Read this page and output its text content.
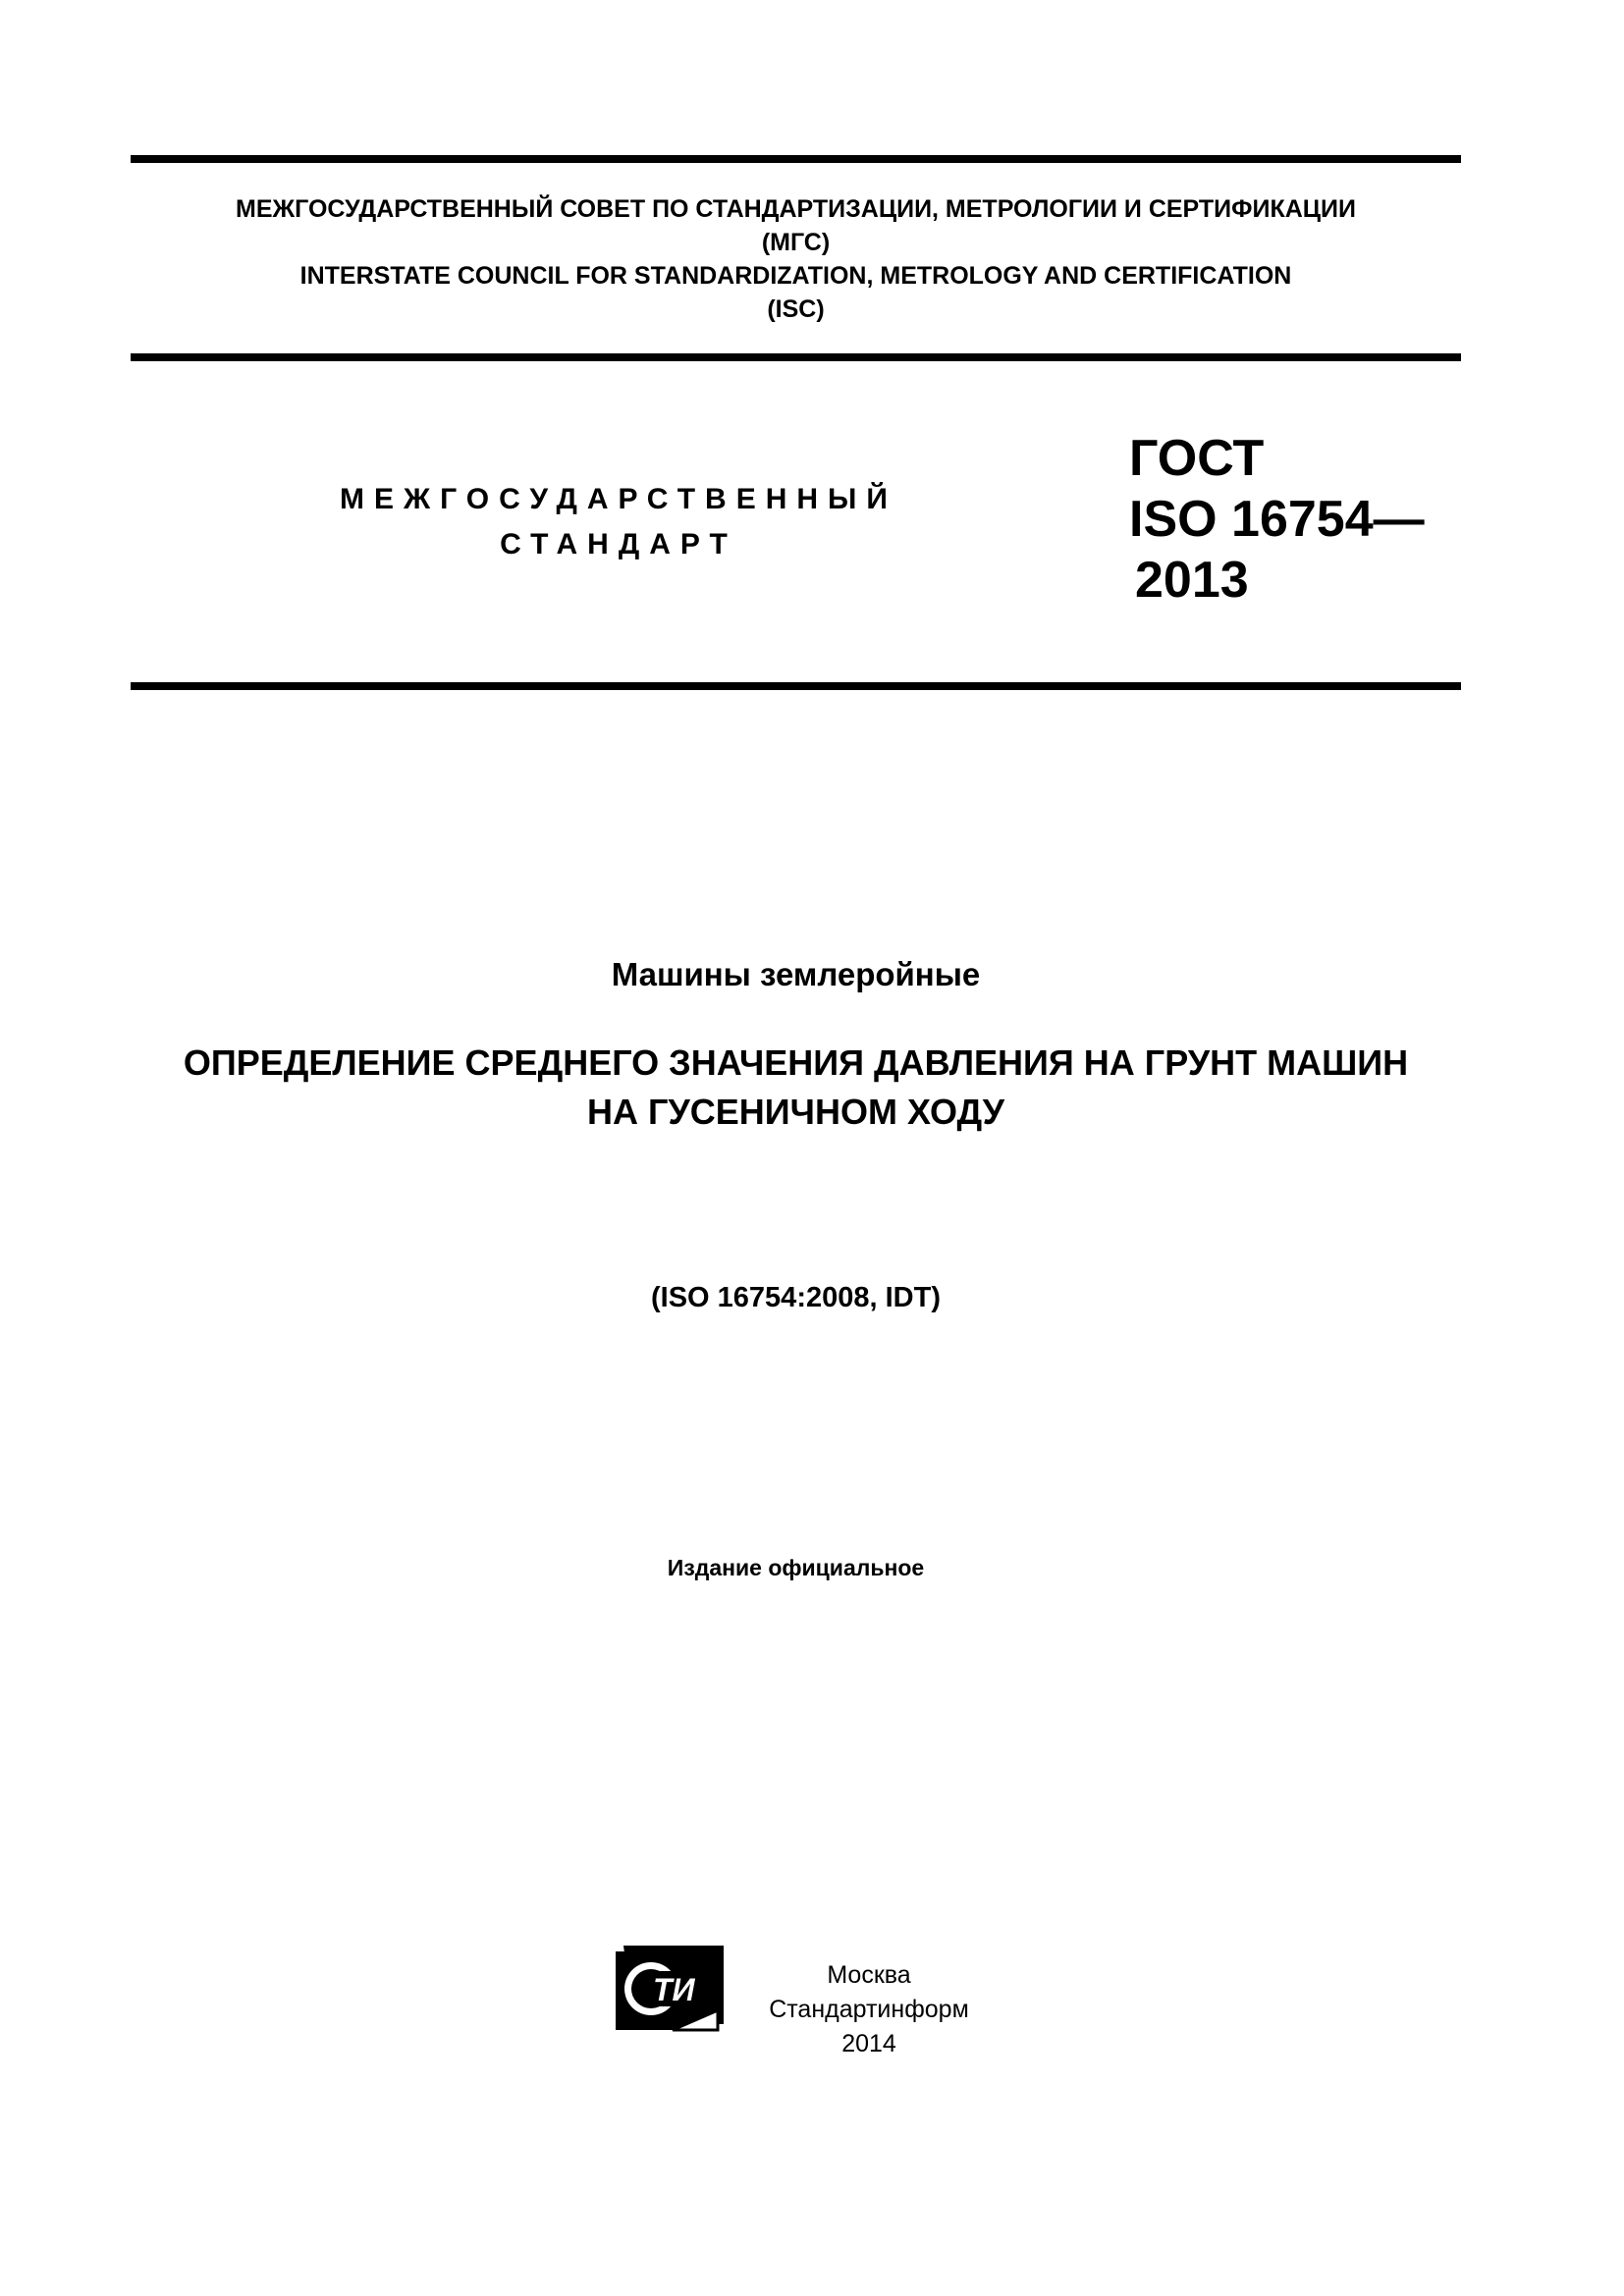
МЕЖГОСУДАРСТВЕННЫЙ СОВЕТ ПО СТАНДАРТИЗАЦИИ, МЕТРОЛОГИИ И СЕРТИФИКАЦИИ
(МГС)
INTERSTATE COUNCIL FOR STANDARDIZATION, METROLOGY AND CERTIFICATION
(ISC)
МЕЖГОСУДАРСТВЕННЫЙ
СТАНДАРТ
ГОСТ
ISO 16754—
2013
Машины землеройные
ОПРЕДЕЛЕНИЕ СРЕДНЕГО ЗНАЧЕНИЯ ДАВЛЕНИЯ НА ГРУНТ МАШИН
НА ГУСЕНИЧНОМ ХОДУ
(ISO 16754:2008, IDT)
Издание официальное
ТИ	Москва
Стандартинформ
2014
